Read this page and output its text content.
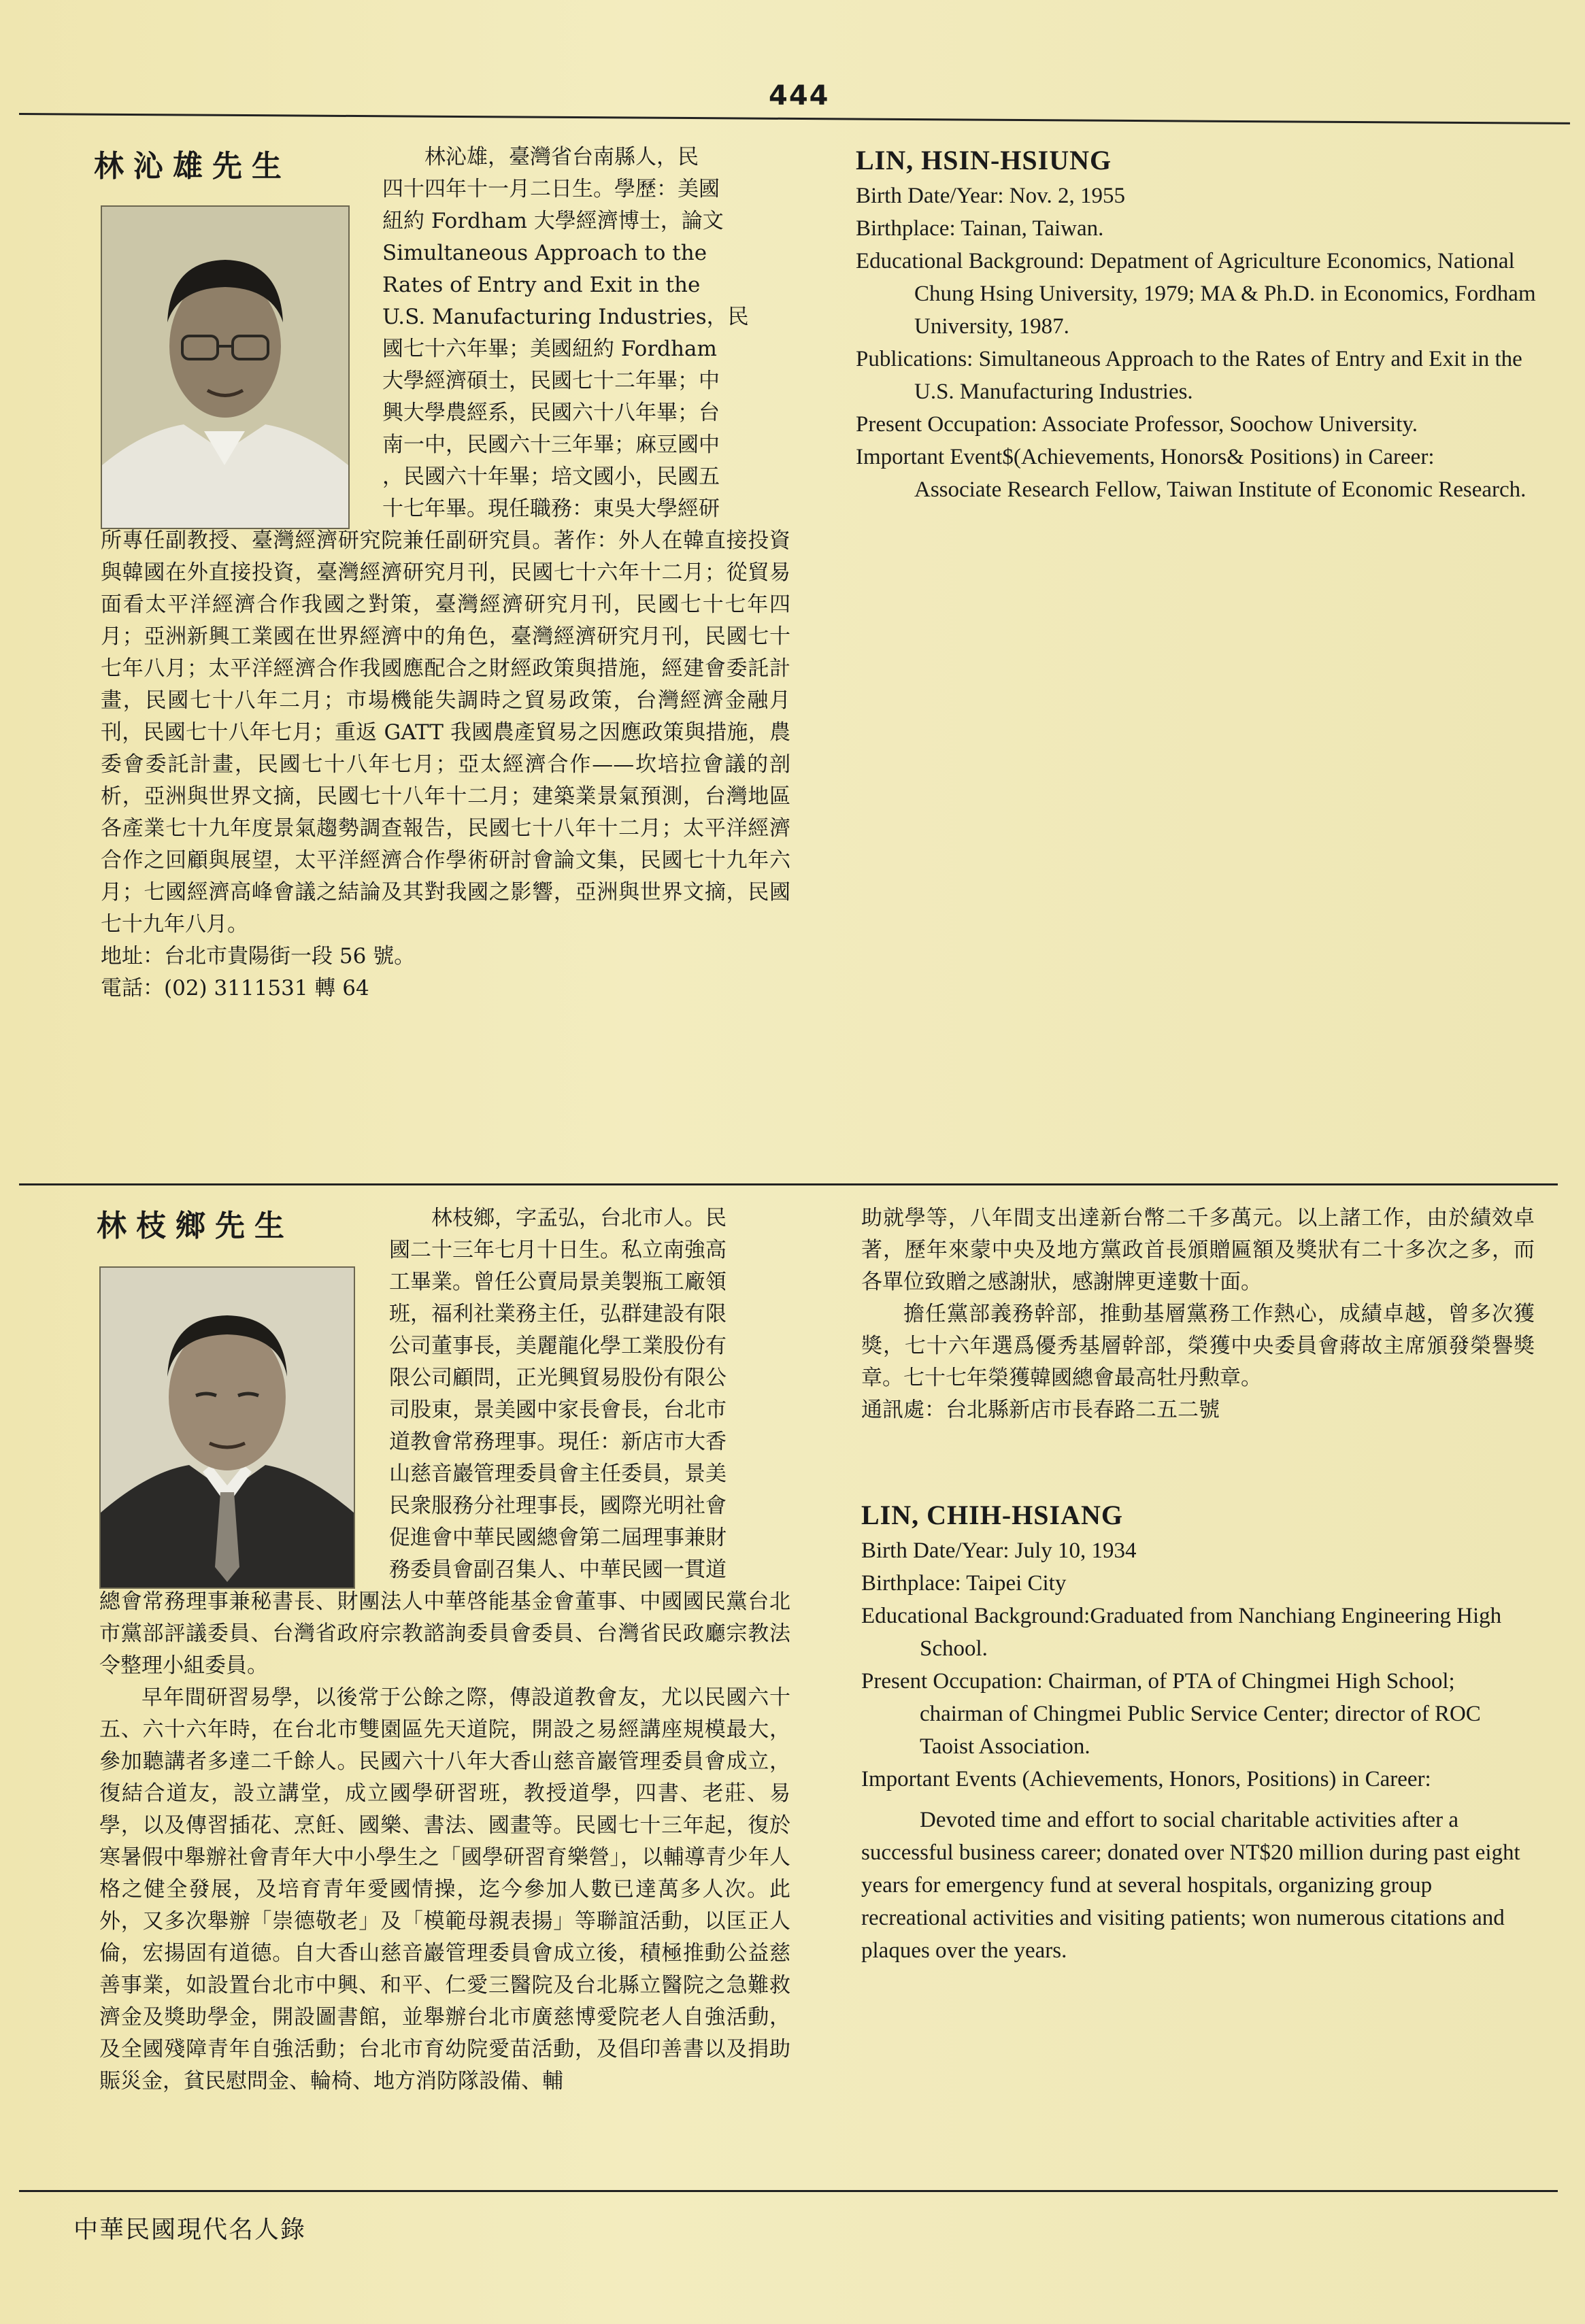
444
林沁雄先生	林沁雄，臺灣省台南縣人，民

四十四年十一月二日生。學歷：美國

紐約 Fordham 大學經濟博士，論文

Simultaneous Approach to the

Rates of Entry and Exit in the

U.S. Manufacturing Industries，民

國七十六年畢；美國紐約 Fordham

大學經濟碩士，民國七十二年畢；中

興大學農經系，民國六十八年畢；台

南一中，民國六十三年畢；麻豆國中

，民國六十年畢；培文國小，民國五

十七年畢。現任職務：東吳大學經研

所專任副教授、臺灣經濟研究院兼任副研究員。著作：外人在韓直接投資與韓國在外直接投資，臺灣經濟研究月刊，民國七十六年十二月；從貿易面看太平洋經濟合作我國之對策，臺灣經濟研究月刊，民國七十七年四月；亞洲新興工業國在世界經濟中的角色，臺灣經濟研究月刊，民國七十七年八月；太平洋經濟合作我國應配合之財經政策與措施，經建會委託計畫，民國七十八年二月；市場機能失調時之貿易政策，台灣經濟金融月刊，民國七十八年七月；重返 GATT 我國農產貿易之因應政策與措施，農委會委託計畫，民國七十八年七月；亞太經濟合作——坎培拉會議的剖析，亞洲與世界文摘，民國七十八年十二月；建築業景氣預測，台灣地區各產業七十九年度景氣趨勢調查報告，民國七十八年十二月；太平洋經濟合作之回顧與展望，太平洋經濟合作學術研討會論文集，民國七十九年六月；七國經濟高峰會議之結論及其對我國之影響，亞洲與世界文摘，民國七十九年八月。

地址：台北市貴陽街一段 56 號。

電話：(02) 3111531 轉 64

LIN, HSIN-HSIUNG

Birth Date/Year: Nov. 2, 1955

Birthplace: Tainan, Taiwan.

Educational Background: Depatment of Agriculture Economics, National Chung Hsing University, 1979; MA & Ph.D. in Economics, Fordham University, 1987.

Publications: Simultaneous Approach to the Rates of Entry and Exit in the U.S. Manufacturing Industries.

Present Occupation: Associate Professor, Soochow University.

Important Event$(Achievements, Honors& Positions) in Career:

Associate Research Fellow, Taiwan Institute of Economic Research.

林枝鄉先生	林枝鄉，字孟弘，台北市人。民

國二十三年七月十日生。私立南強高

工畢業。曾任公賣局景美製瓶工廠領

班，福利社業務主任，弘群建設有限

公司董事長，美麗龍化學工業股份有

限公司顧問，正光興貿易股份有限公

司股東，景美國中家長會長，台北市

道教會常務理事。現任：新店市大香

山慈音巖管理委員會主任委員，景美

民衆服務分社理事長，國際光明社會

促進會中華民國總會第二屆理事兼財

務委員會副召集人、中華民國一貫道

總會常務理事兼秘書長、財團法人中華啓能基金會董事、中國國民黨台北市黨部評議委員、台灣省政府宗教諮詢委員會委員、台灣省民政廳宗教法令整理小組委員。

早年間研習易學，以後常于公餘之際，傳設道教會友，尤以民國六十五、六十六年時，在台北市雙園區先天道院，開設之易經講座規模最大，參加聽講者多達二千餘人。民國六十八年大香山慈音巖管理委員會成立，復結合道友，設立講堂，成立國學研習班，教授道學，四書、老莊、易學，以及傳習插花、烹飪、國樂、書法、國畫等。民國七十三年起，復於寒暑假中舉辦社會青年大中小學生之「國學研習育樂營」，以輔導青少年人格之健全發展，及培育青年愛國情操，迄今參加人數已達萬多人次。此外，又多次舉辦「崇德敬老」及「模範母親表揚」等聯誼活動，以匡正人倫，宏揚固有道德。自大香山慈音巖管理委員會成立後，積極推動公益慈善事業，如設置台北市中興、和平、仁愛三醫院及台北縣立醫院之急難救濟金及獎助學金，開設圖書館，並舉辦台北市廣慈博愛院老人自強活動，及全國殘障青年自強活動；台北市育幼院愛苗活動，及倡印善書以及捐助賑災金，貧民慰問金、輪椅、地方消防隊設備、輔

助就學等，八年間支出達新台幣二千多萬元。以上諸工作，由於績效卓著，歷年來蒙中央及地方黨政首長頒贈匾額及獎狀有二十多次之多，而各單位致贈之感謝狀，感謝牌更達數十面。

擔任黨部義務幹部，推動基層黨務工作熱心，成績卓越，曾多次獲獎，七十六年選爲優秀基層幹部，榮獲中央委員會蔣故主席頒發榮譽獎章。七十七年榮獲韓國總會最高牡丹勲章。

通訊處：台北縣新店市長春路二五二號

LIN, CHIH-HSIANG

Birth Date/Year: July 10, 1934

Birthplace: Taipei City

Educational Background:Graduated from Nanchiang Engineering High School.

Present Occupation: Chairman, of PTA of Chingmei High School; chairman of Chingmei Public Service Center; director of ROC Taoist Association.

Important Events (Achievements, Honors, Positions) in Career:

Devoted time and effort to social charitable activities after a successful business career; donated over NT$20 million during past eight years for emergency fund at several hospitals, organizing group recreational activities and visiting patients; won numerous citations and plaques over the years.

中華民國現代名人錄
